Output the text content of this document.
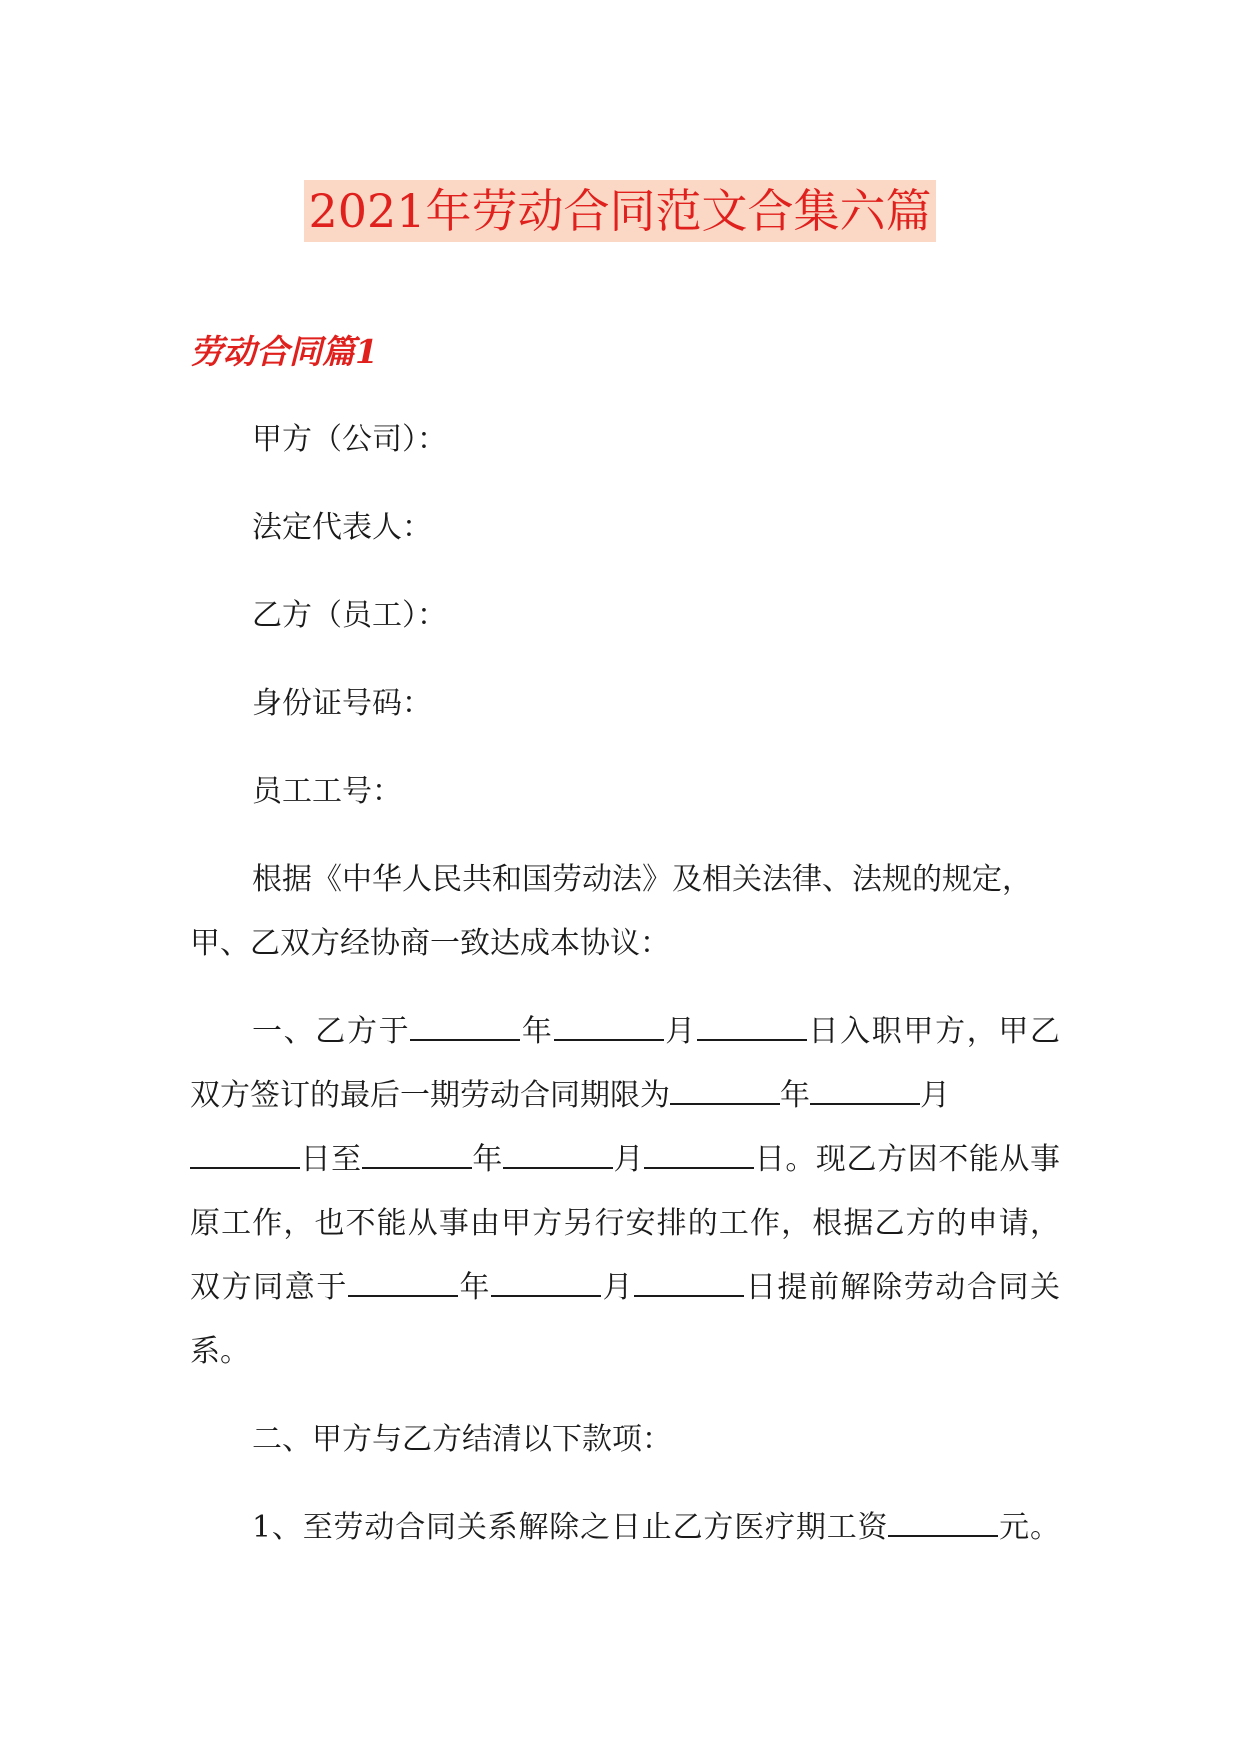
2021年劳动合同范文合集六篇
劳动合同篇1
甲方（公司）：
法定代表人：
乙方（员工）：
身份证号码：
员工工号：
根据《中华人民共和国劳动法》及相关法律、法规的规定，
甲、乙双方经协商一致达成本协议：
一、乙方于	年	月	日入职甲方，甲乙
双方签订的最后一期劳动合同期限为	年	月
日至	年	月	日。现乙方因不能从事
原工作，也不能从事由甲方另行安排的工作，根据乙方的申请，
双方同意于	年	月	日提前解除劳动合同关
系。
二、甲方与乙方结清以下款项：
1、至劳动合同关系解除之日止乙方医疗期工资	元。
